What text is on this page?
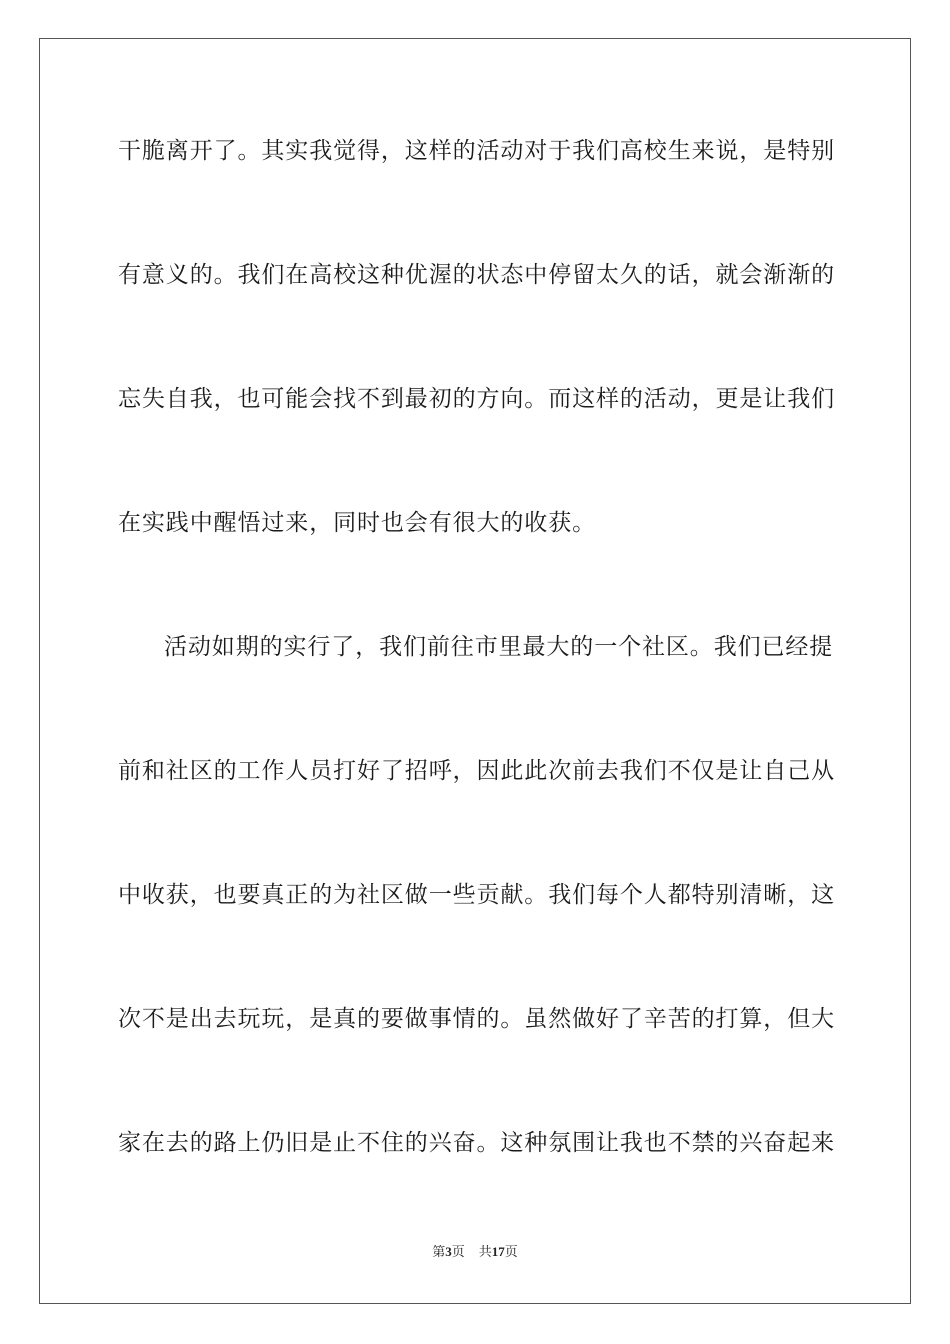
干脆离开了。其实我觉得，这样的活动对于我们高校生来说，是特别
有意义的。我们在高校这种优渥的状态中停留太久的话，就会渐渐的
忘失自我，也可能会找不到最初的方向。而这样的活动，更是让我们
在实践中醒悟过来，同时也会有很大的收获。
活动如期的实行了，我们前往市里最大的一个社区。我们已经提
前和社区的工作人员打好了招呼，因此此次前去我们不仅是让自己从
中收获，也要真正的为社区做一些贡献。我们每个人都特别清晰，这
次不是出去玩玩，是真的要做事情的。虽然做好了辛苦的打算，但大
家在去的路上仍旧是止不住的兴奋。这种氛围让我也不禁的兴奋起来
第3页 共17页
